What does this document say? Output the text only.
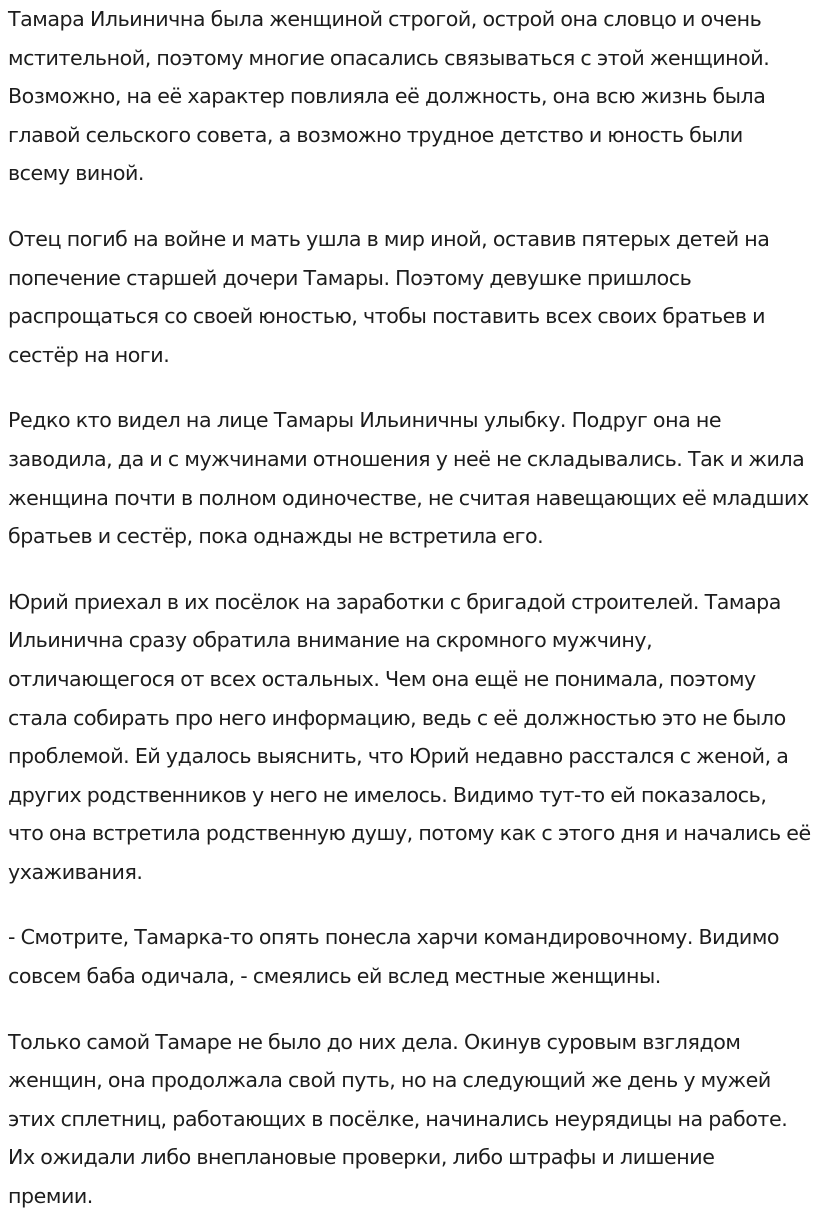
Тамара Ильинична была женщиной строгой, острой она словцо и очень
мстительной, поэтому многие опасались связываться с этой женщиной.
Возможно, на её характер повлияла её должность, она всю жизнь была
главой сельского совета, а возможно трудное детство и юность были
всему виной.

Отец погиб на войне и мать ушла в мир иной, оставив пятерых детей на
попечение старшей дочери Тамары. Поэтому девушке пришлось
распрощаться со своей юностью, чтобы поставить всех своих братьев и
сестёр на ноги.

Редко кто видел на лице Тамары Ильиничны улыбку. Подруг она не
заводила, да и с мужчинами отношения у неё не складывались. Так и жила
женщина почти в полном одиночестве, не считая навещающих её младших
братьев и сестёр, пока однажды не встретила его.

Юрий приехал в их посёлок на заработки с бригадой строителей. Тамара
Ильинична сразу обратила внимание на скромного мужчину,
отличающегося от всех остальных. Чем она ещё не понимала, поэтому
стала собирать про него информацию, ведь с её должностью это не было
проблемой. Ей удалось выяснить, что Юрий недавно расстался с женой, а
других родственников у него не имелось. Видимо тут-то ей показалось,
что она встретила родственную душу, потому как с этого дня и начались её
ухаживания.

- Смотрите, Тамарка-то опять понесла харчи командировочному. Видимо
совсем баба одичала, - смеялись ей вслед местные женщины.

Только самой Тамаре не было до них дела. Окинув суровым взглядом
женщин, она продолжала свой путь, но на следующий же день у мужей
этих сплетниц, работающих в посёлке, начинались неурядицы на работе.
Их ожидали либо внеплановые проверки, либо штрафы и лишение
премии.
